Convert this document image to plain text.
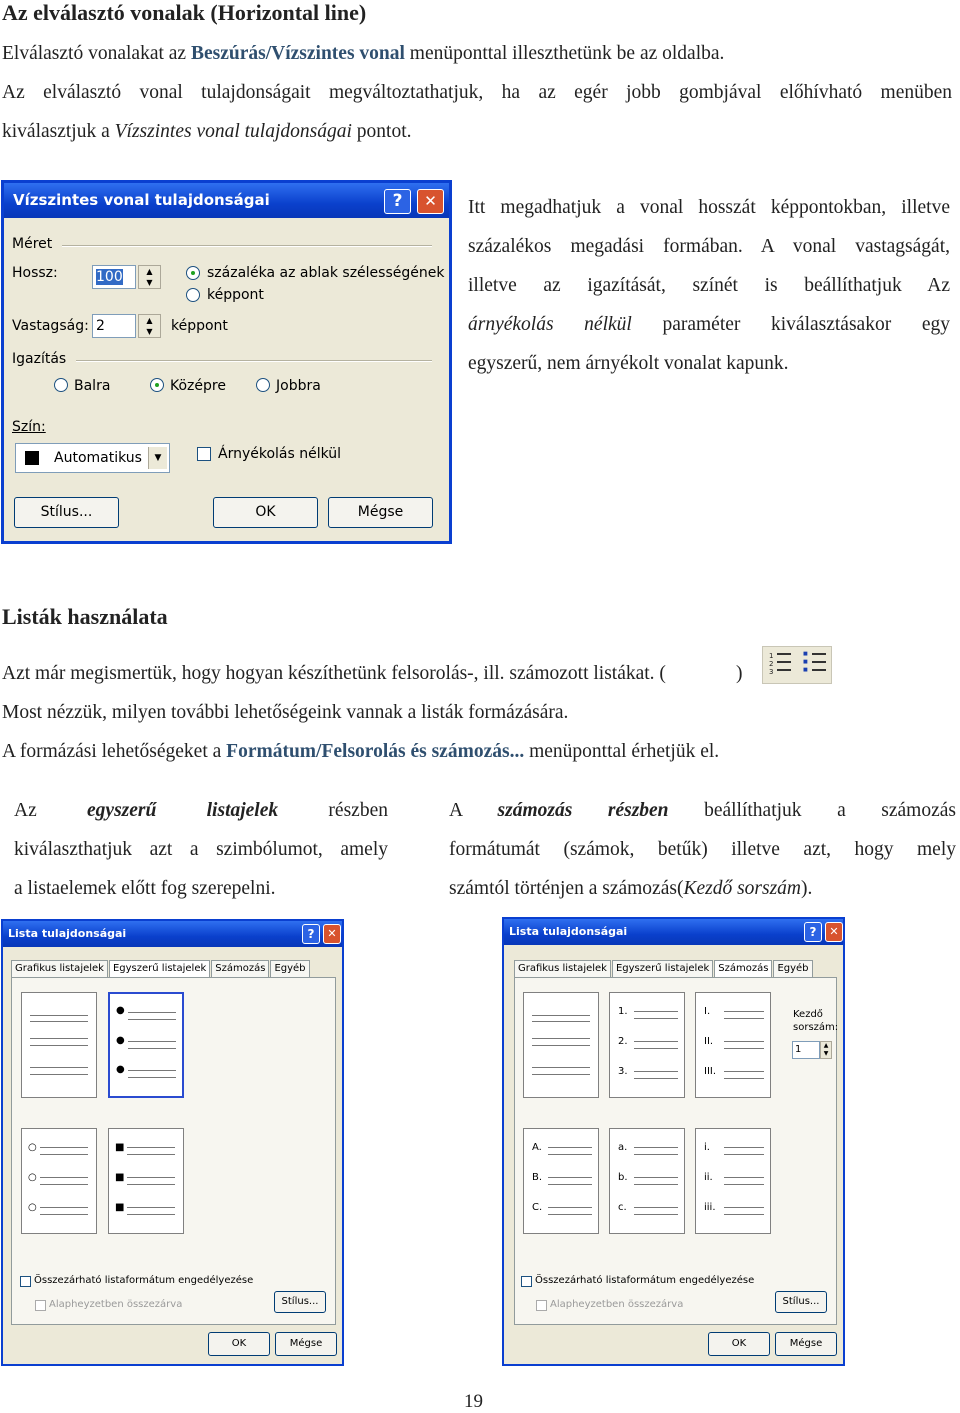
Az elválasztó vonalak (Horizontal line)
Elválasztó vonalakat az Beszúrás/Vízszintes vonal menüponttal illeszthetünk be az oldalba.
Az elválasztó vonal tulajdonságait megváltoztathatjuk, ha az egér jobb gombjával előhívható menüben
kiválasztjuk a Vízszintes vonal tulajdonságai pontot.
Vízszintes vonal tulajdonságai	?	✕
Méret
Hossz:	100	▲
▼
százaléka az ablak szélességének
képpont
Vastagság: 2	▲
▼	képpont
Igazítás
Balra	Középre	Jobbra
Szín:
Automatikus	▼	Árnyékolás nélkül
Stílus...	OK	Mégse
Itt megadhatjuk a vonal hosszát képpontokban, illetve
százalékos megadási formában. A vonal vastagságát,
illetve az igazítását, színét is beállíthatjuk Az
árnyékolás nélkül paraméter kiválasztásakor egy
egyszerű, nem árnyékolt vonalat kapunk.
Listák használata
Azt már megismertük, hogy hogyan készíthetünk felsorolás-, ill. számozott listákat. (	)
1
2
3
■
■
■
Most nézzük, milyen további lehetőségeink vannak a listák formázására.
A formázási lehetőségeket a Formátum/Felsorolás és számozás... menüponttal érhetjük el.
Az egyszerű listajelek részben
kiválaszthatjuk azt a szimbólumot, amely
a listaelemek előtt fog szerepelni.
A számozás részben beállíthatjuk a számozás
formátumát (számok, betűk) illetve azt, hogy mely
számtól történjen a számozás(Kezdő sorszám).
Lista tulajdonságai	?	✕
Grafikus listajelek Egyszerű listajelek Számozás Egyéb
●
●
●
○
○
○
■
■
■
Összezárható listaformátum engedélyezése
Alapheyzetben összezárva	Stílus...
OK	Mégse
Lista tulajdonságai	?	✕
Grafikus listajelek Egyszerű listajelek Számozás Egyéb
1.
2.
3.
I.
II.
III.
Kezdő sorszám:
1	▲
▼
A.
B.
C.
a.
b.
c.
i.
ii.
iii.
Összezárható listaformátum engedélyezése
Alapheyzetben összezárva	Stílus...
OK	Mégse
19
